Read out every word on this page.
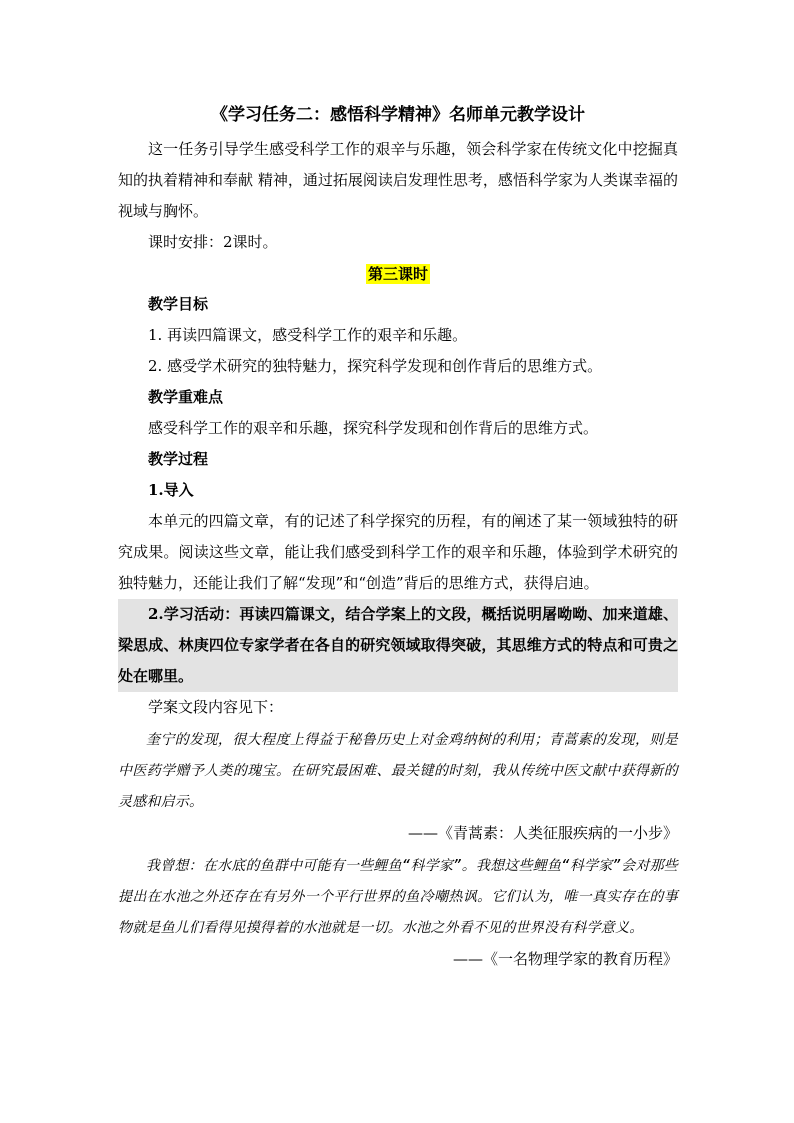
《学习任务二：感悟科学精神》名师单元教学设计

这一任务引导学生感受科学工作的艰辛与乐趣，领会科学家在传统文化中挖掘真知的执着精神和奉献 精神，通过拓展阅读启发理性思考，感悟科学家为人类谋幸福的视域与胸怀。

课时安排：2课时。

第三课时

教学目标

1. 再读四篇课文，感受科学工作的艰辛和乐趣。

2. 感受学术研究的独特魅力，探究科学发现和创作背后的思维方式。

教学重难点

感受科学工作的艰辛和乐趣，探究科学发现和创作背后的思维方式。

教学过程

1.导入

本单元的四篇文章，有的记述了科学探究的历程，有的阐述了某一领域独特的研究成果。阅读这些文章，能让我们感受到科学工作的艰辛和乐趣，体验到学术研究的独特魅力，还能让我们了解“发现”和“创造”背后的思维方式，获得启迪。

2.学习活动：再读四篇课文，结合学案上的文段，概括说明屠呦呦、加来道雄、梁思成、林庚四位专家学者在各自的研究领域取得突破，其思维方式的特点和可贵之处在哪里。

学案文段内容见下：

奎宁的发现，很大程度上得益于秘鲁历史上对金鸡纳树的利用；青蒿素的发现，则是中医药学赠予人类的瑰宝。在研究最困难、最关键的时刻，我从传统中医文献中获得新的灵感和启示。

——《青蒿素：人类征服疾病的一小步》

我曾想：在水底的鱼群中可能有一些鲤鱼“科学家”。我想这些鲤鱼“科学家”会对那些提出在水池之外还存在有另外一个平行世界的鱼冷嘲热讽。它们认为，唯一真实存在的事物就是鱼儿们看得见摸得着的水池就是一切。水池之外看不见的世界没有科学意义。

——《一名物理学家的教育历程》
